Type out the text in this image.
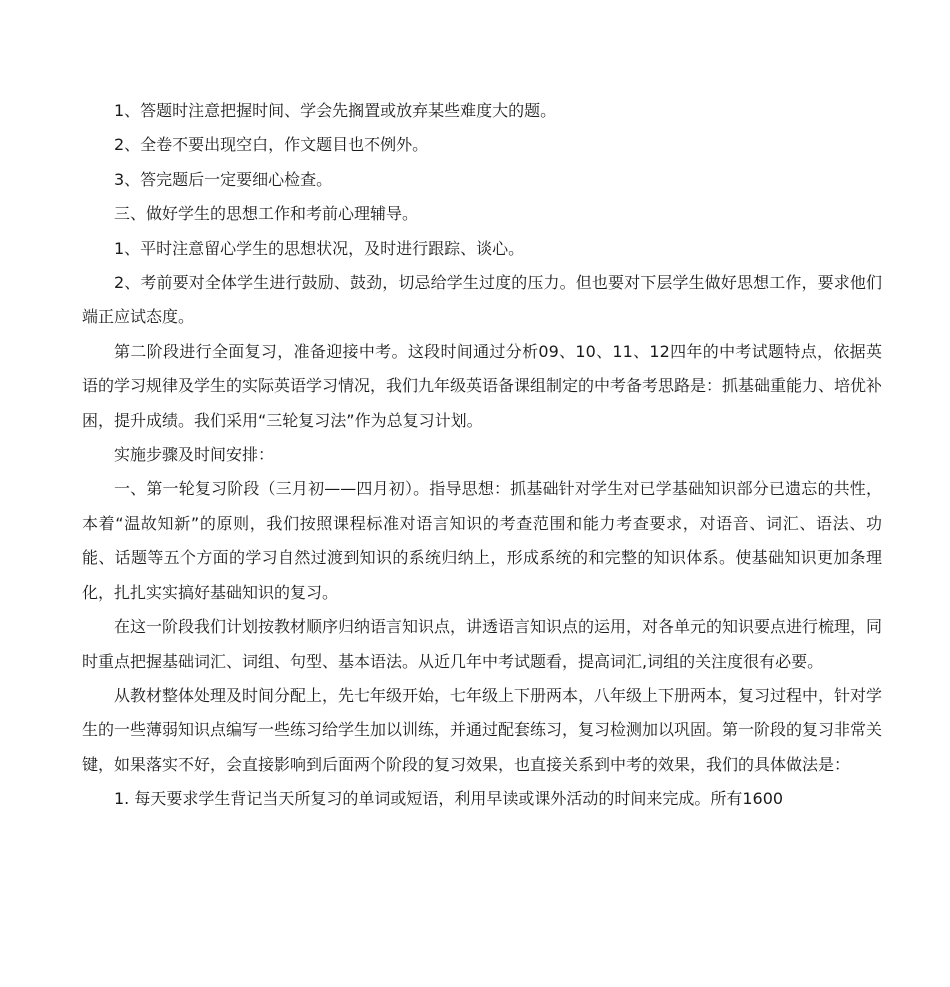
1、答题时注意把握时间、学会先搁置或放弃某些难度大的题。

2、全卷不要出现空白，作文题目也不例外。

3、答完题后一定要细心检查。

三、做好学生的思想工作和考前心理辅导。

1、平时注意留心学生的思想状况，及时进行跟踪、谈心。

2、考前要对全体学生进行鼓励、鼓劲，切忌给学生过度的压力。但也要对下层学生做好思想工作，要求他们端正应试态度。

第二阶段进行全面复习，准备迎接中考。这段时间通过分析09、10、11、12四年的中考试题特点，依据英语的学习规律及学生的实际英语学习情况，我们九年级英语备课组制定的中考备考思路是：抓基础重能力、培优补困，提升成绩。我们采用“三轮复习法”作为总复习计划。

实施步骤及时间安排：

一、第一轮复习阶段（三月初——四月初）。指导思想：抓基础针对学生对已学基础知识部分已遗忘的共性，本着“温故知新”的原则，我们按照课程标准对语言知识的考查范围和能力考查要求，对语音、词汇、语法、功能、话题等五个方面的学习自然过渡到知识的系统归纳上，形成系统的和完整的知识体系。使基础知识更加条理化，扎扎实实搞好基础知识的复习。

在这一阶段我们计划按教材顺序归纳语言知识点，讲透语言知识点的运用，对各单元的知识要点进行梳理，同时重点把握基础词汇、词组、句型、基本语法。从近几年中考试题看，提高词汇,词组的关注度很有必要。

从教材整体处理及时间分配上，先七年级开始，七年级上下册两本，八年级上下册两本，复习过程中，针对学生的一些薄弱知识点编写一些练习给学生加以训练，并通过配套练习，复习检测加以巩固。第一阶段的复习非常关键，如果落实不好，会直接影响到后面两个阶段的复习效果，也直接关系到中考的效果，我们的具体做法是：

1. 每天要求学生背记当天所复习的单词或短语，利用早读或课外活动的时间来完成。所有1600
